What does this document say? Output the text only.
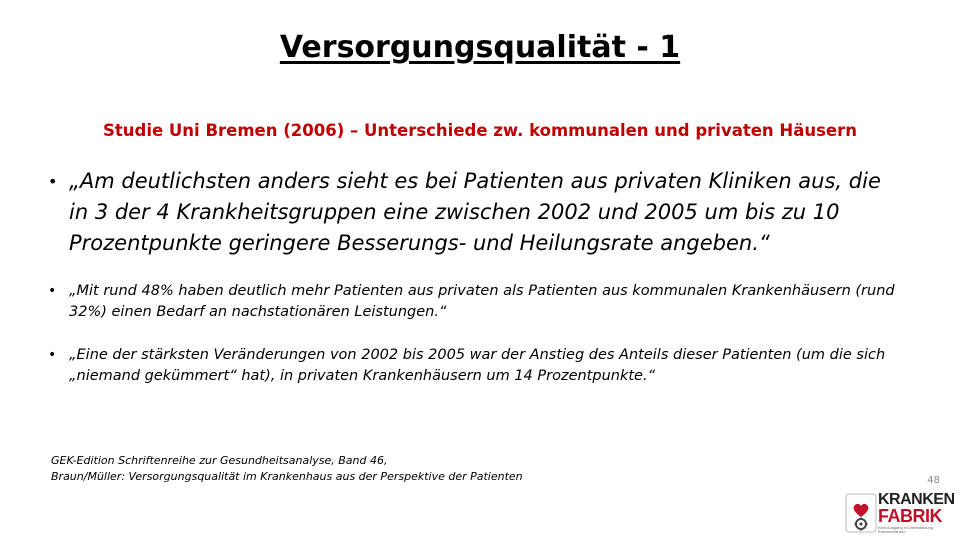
Versorgungsqualität - 1
Studie Uni Bremen (2006) – Unterschiede zw. kommunalen und privaten Häusern
• „Am deutlichsten anders sieht es bei Patienten aus privaten Kliniken aus, die in 3 der 4 Krankheitsgruppen eine zwischen 2002 und 2005 um bis zu 10 Prozentpunkte geringere Besserungs- und Heilungsrate angeben.“
• „Mit rund 48% haben deutlich mehr Patienten aus privaten als Patienten aus kommunalen Krankenhäusern (rund 32%) einen Bedarf an nachstationären Leistungen.“
• „Eine der stärksten Veränderungen von 2002 bis 2005 war der Anstieg des Anteils dieser Patienten (um die sich „niemand gekümmert“ hat), in privaten Krankenhäusern um 14 Prozentpunkte.“
GEK-Edition Schriftenreihe zur Gesundheitsanalyse, Band 46,
Braun/Müller: Versorgungsqualität im Krankenhaus aus der Perspektive der Patienten	48
KRANKEN
FABRIK
Kein Ausgang in Unterstützung Krankenhäuser
